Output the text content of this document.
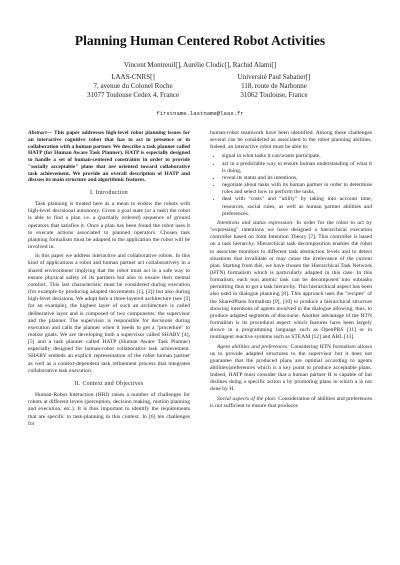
Planning Human Centered Robot Activities
Vincent Montreuil[], Aurélie Clodic[], Rachid Alami[]
LAAS-CNRS[]
7, avenue du Colonel Roche
31077 Toulouse Cedex 4, France
Université Paul Sabatier[]
118, route de Narbonne
31062 Toulouse, France
firstname.lastname@laas.fr

Abstract— This paper addresses high-level robot planning issues for an interactive cognitive robot that has to act in presence or in collaboration with a human partner. We describe a task planner called HATP (for Human Aware Task Planner). HATP is especially designed to handle a set of human-centered constraints in order to provide "socially acceptable" plans that are oriented toward collaborative task achievement. We provide an overall description of HATP and discuss its main structure and algorithmic features.

I. Introduction

Task planning is treated here as a mean to endow the robots with high-level decisional autonomy. Given a goal state (or a task) the robot is able to find a plan i.e. a (partially ordered) sequence of ground operators that satisfies it. Once a plan has been found the robot uses it to execute actions associated to planned operators. Chosen task planning formalism must be adapted to the application the robot will be involved in.

In this paper we address interactive and collaborative robots. In this kind of applications a robot and human partner act collaboratively in a shared environment implying that the robot must act in a safe way to ensure physical safety of its partners but also to ensure their mental comfort. This last characteristic must be considered during execution (for example by producing adapted movements [1], [2]) but also during high-level decisions. We adopt here a three-layered architecture (see [3] for an example), the highest layer of such an architecture is called deliberative layer and is composed of two components: the supervisor and the planner. The supervisor is responsible for decisions during execution and calls the planner when it needs to get a "procedure" to realize goals. We are developing both a supervisor called SHARY [4], [5] and a task planner called HATP (Human Aware Task Planner) especially designed for human-robot collaborative task achievement. SHARY embeds an explicit representation of the robot human partner as well as a context-dependent task refinement process that integrates collaborative task execution.

II. Context and Objectives

Human-Robot Interaction (HRI) raises a number of challenges for robots at different levels (perception, decision making, motion planning and execution, etc.). It is thus important to identify the requirements that are specific to task-planning in this context. In [6] ten challenges for

human-robot teamwork have been identified. Among these challenges several can be considered as associated to the robot planning abilities. Indeed, an interactive robot must be able to:

• signal in what tasks it can/wants participate,
• act in a predictable way to ensure human understanding of what it is doing,
• reveal its status and its intentions,
• negotiate about tasks with its human partner in order to determine roles and select how to perform the tasks,
• deal with "costs" and "utility" by taking into account time, resources, social rules, as well as human partner abilities and preferences.

Intentions and status expression: In order for the robot to act by "expressing" intentions we have designed a hierarchical execution controller based on Joint Intention Theory [7]. This controller is based on a task hierarchy. Hierarchical task decomposition enables the robot to associate monitors to different task abstraction levels and to detect situations that invalidate or may cause the irrelevance of the current plan. Starting from this, we have chosen the Hierarchical Task Network (HTN) formalism which is particularly adapted in this case. In this formalism, each non atomic task can be decomposed into subtasks permitting thus to get a task hierarchy. This hierarchical aspect has been also used in dialogue planning [8]. This approach uses the "recipes" of the SharedPlans formalism [9], [10] to produce a hierarchical structure showing intentions of agents involved in the dialogue allowing, thus, to produce adapted segments of discourse. Another advantage of the HTN formalism is its procedural aspect which features have been largely shown in a programming language such as OpenPRS [11] or in multiagent reactive systems such as STEAM [12] and ABL [13].

Agent abilities and preferences: Considering HTN formalism allows us to provide adapted structures to the supervisor but it does not guarantee that the produced plans are optimal according to agents abilities/preferences which is a key point to produce acceptable plans. Indeed, HATP must consider that a human partner H is capable of but dislikes doing a specific action a by promoting plans in which a is not done by H.

Social aspects of the plan: Consideration of abilities and preferences is not sufficient to ensure that produces
